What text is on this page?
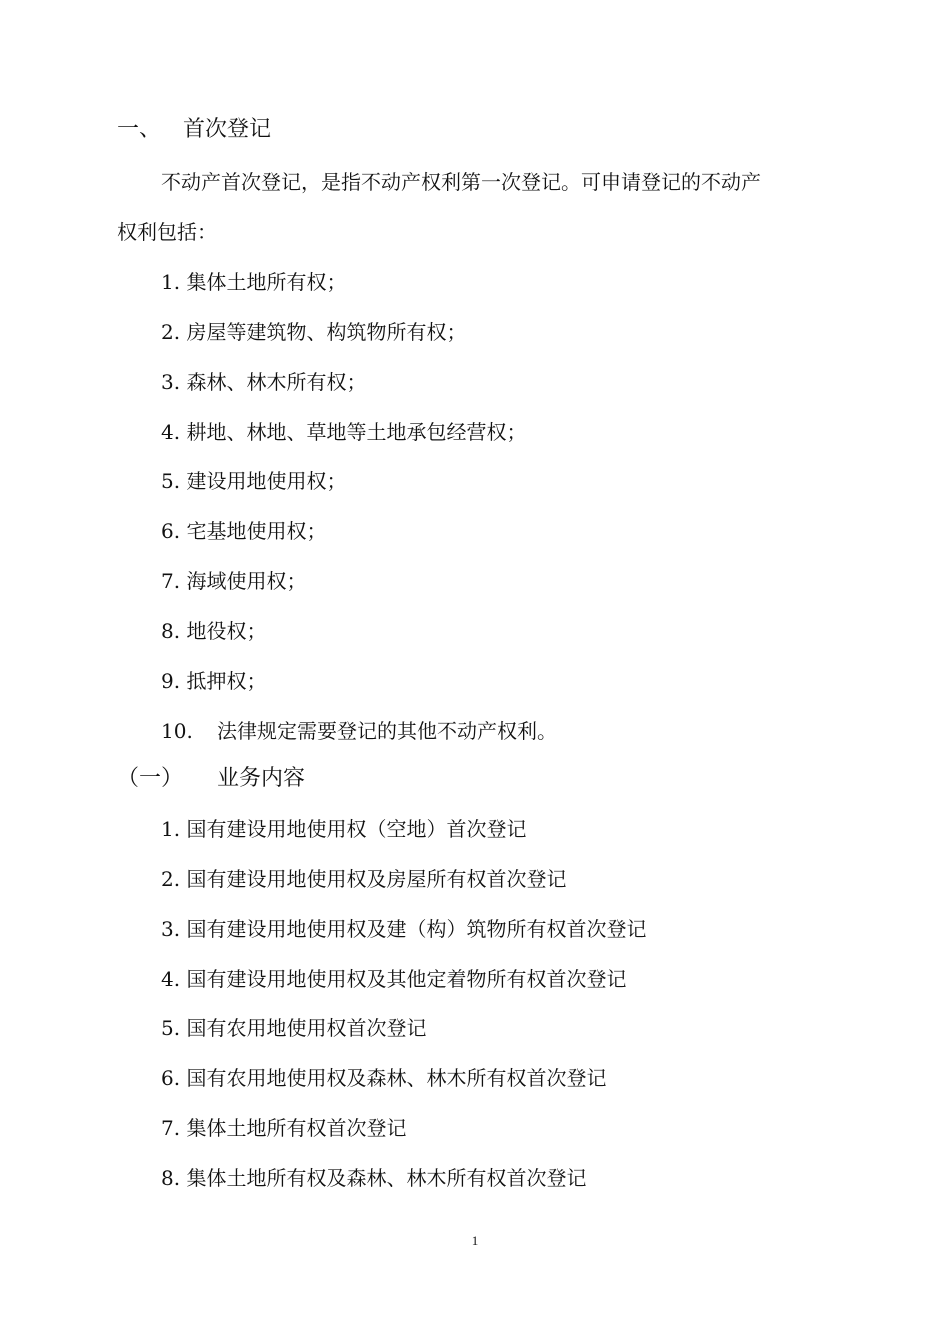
一、 首次登记
不动产首次登记，是指不动产权利第一次登记。可申请登记的不动产
权利包括：
1. 集体土地所有权；
2. 房屋等建筑物、构筑物所有权；
3. 森林、林木所有权；
4. 耕地、林地、草地等土地承包经营权；
5. 建设用地使用权；
6. 宅基地使用权；
7. 海域使用权；
8. 地役权；
9. 抵押权；
10. 法律规定需要登记的其他不动产权利。
（一） 业务内容
1. 国有建设用地使用权（空地）首次登记
2. 国有建设用地使用权及房屋所有权首次登记
3. 国有建设用地使用权及建（构）筑物所有权首次登记
4. 国有建设用地使用权及其他定着物所有权首次登记
5. 国有农用地使用权首次登记
6. 国有农用地使用权及森林、林木所有权首次登记
7. 集体土地所有权首次登记
8. 集体土地所有权及森林、林木所有权首次登记
1
